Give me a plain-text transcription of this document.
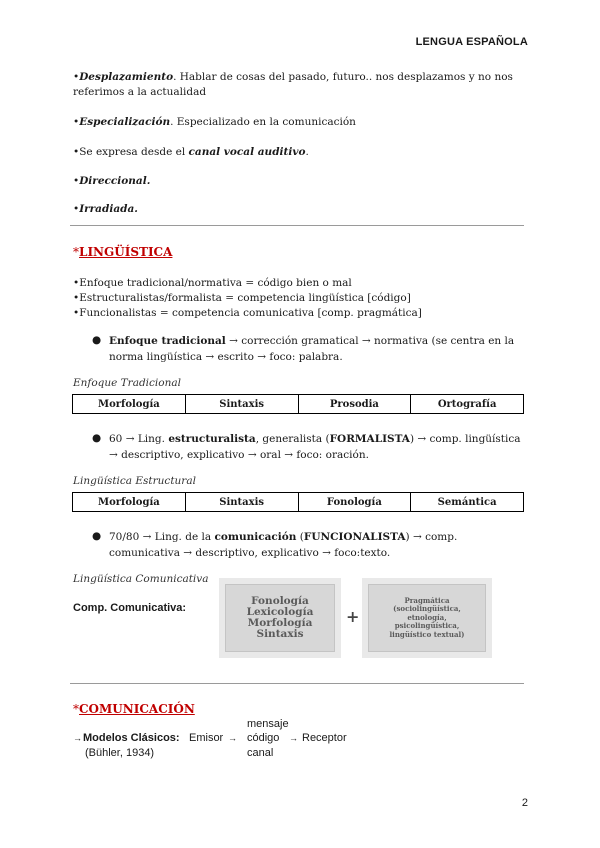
LENGUA ESPAÑOLA
•Desplazamiento. Hablar de cosas del pasado, futuro.. nos desplazamos y no nos referimos a la actualidad
•Especialización. Especializado en la comunicación
•Se expresa desde el canal vocal auditivo.
•Direccional.
•Irradiada.
*LINGÜÍSTICA
•Enfoque tradicional/normativa = código bien o mal
•Estructuralistas/formalista = competencia lingüística [código]
•Funcionalistas = competencia comunicativa [comp. pragmática]
● Enfoque tradicional → corrección gramatical → normativa (se centra en la norma lingüística → escrito → foco: palabra.
Enfoque Tradicional
Morfología	Sintaxis	Prosodia	Ortografía
● 60 → Ling. estructuralista, generalista (FORMALISTA) → comp. lingüística → descriptivo, explicativo → oral → foco: oración.
Lingüística Estructural
Morfología	Sintaxis	Fonología	Semántica
● 70/80 → Ling. de la comunicación (FUNCIONALISTA) → comp. comunicativa → descriptivo, explicativo → foco:texto.
Lingüística Comunicativa
Comp. Comunicativa:
Fonología
Lexicología
Morfología
Sintaxis
+
Pragmática
(sociolingüística,
etnología,
psicolingüística,
lingüístico textual)
*COMUNICACIÓN
mensaje
→ Modelos Clásicos: Emisor → código → Receptor
(Bühler, 1934)	canal
2
